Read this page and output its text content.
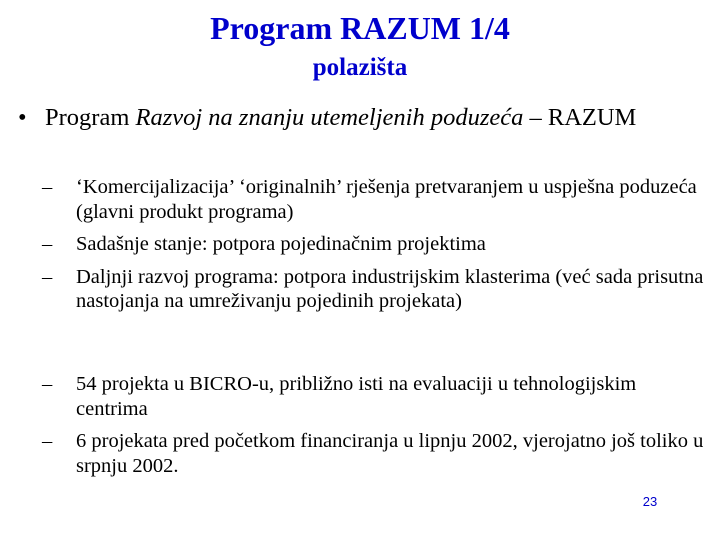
Program RAZUM 1/4
polazišta
• Program Razvoj na znanju utemeljenih poduzeća – RAZUM
– ‘Komercijalizacija’ ‘originalnih’ rješenja pretvaranjem u uspješna poduzeća (glavni produkt programa)
– Sadašnje stanje: potpora pojedinačnim projektima
– Daljnji razvoj programa: potpora industrijskim klasterima (već sada prisutna nastojanja na umreživanju pojedinih projekata)
– 54 projekta u BICRO-u, približno isti na evaluaciji u tehnologijskim centrima
– 6 projekata pred početkom financiranja u lipnju 2002, vjerojatno još toliko u srpnju 2002.
23
